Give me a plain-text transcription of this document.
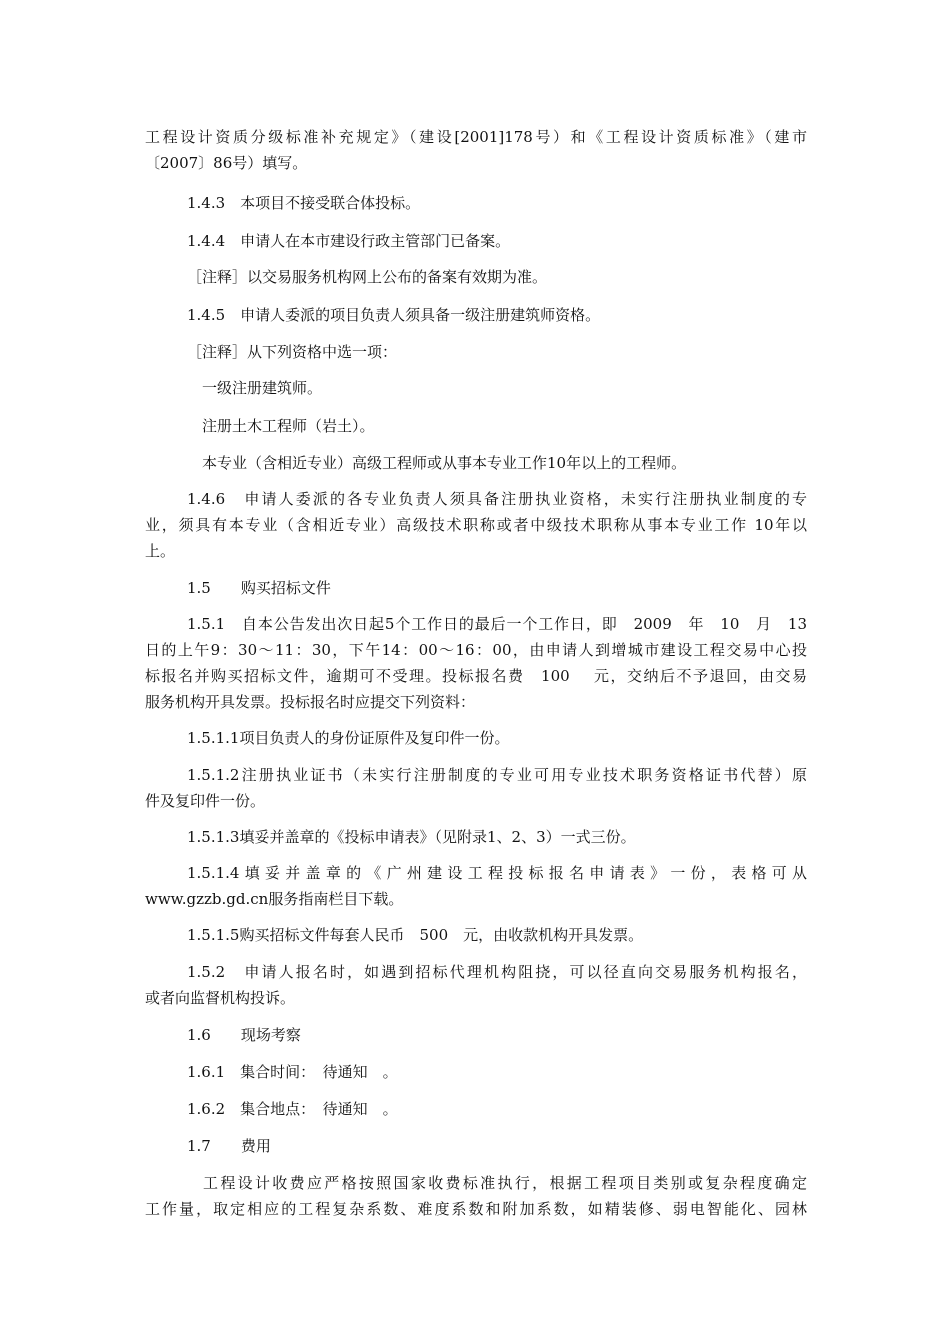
工程设计资质分级标准补充规定》（建设[2001]178号）和《工程设计资质标准》（建市
〔2007〕86号）填写。
1.4.3　本项目不接受联合体投标。
1.4.4　申请人在本市建设行政主管部门已备案。
［注释］以交易服务机构网上公布的备案有效期为准。
1.4.5　申请人委派的项目负责人须具备一级注册建筑师资格。
［注释］从下列资格中选一项：
一级注册建筑师。
注册土木工程师（岩土）。
本专业（含相近专业）高级工程师或从事本专业工作10年以上的工程师。
1.4.6　申请人委派的各专业负责人须具备注册执业资格，未实行注册执业制度的专
业，须具有本专业（含相近专业）高级技术职称或者中级技术职称从事本专业工作 10年以
上。
1.5　　购买招标文件
1.5.1　自本公告发出次日起5个工作日的最后一个工作日，即　2009　年　10　月　13
日的上午9：30～11：30，下午14：00～16：00，由申请人到增城市建设工程交易中心投
标报名并购买招标文件，逾期可不受理。投标报名费　100　 元，交纳后不予退回，由交易
服务机构开具发票。投标报名时应提交下列资料：
1.5.1.1项目负责人的身份证原件及复印件一份。
1.5.1.2注册执业证书（未实行注册制度的专业可用专业技术职务资格证书代替）原
件及复印件一份。
1.5.1.3填妥并盖章的《投标申请表》（见附录1、2、3）一式三份。
1.5.1.4填妥并盖章的《广州建设工程投标报名申请表》一份，表格可从
www.gzzb.gd.cn服务指南栏目下载。
1.5.1.5购买招标文件每套人民币　500　元，由收款机构开具发票。
1.5.2　申请人报名时，如遇到招标代理机构阻挠，可以径直向交易服务机构报名，
或者向监督机构投诉。
1.6　　现场考察
1.6.1　集合时间：　待通知　。
1.6.2　集合地点：　待通知　。
1.7　　费用
工程设计收费应严格按照国家收费标准执行，根据工程项目类别或复杂程度确定
工作量，取定相应的工程复杂系数、难度系数和附加系数，如精装修、弱电智能化、园林
